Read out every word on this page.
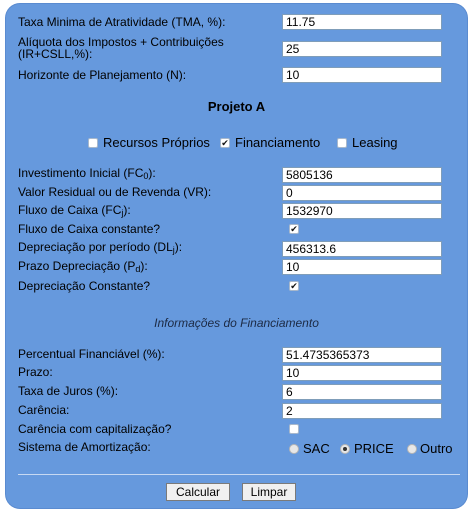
Taxa Minima de Atratividade (TMA, %):
11.75
Alíquota dos Impostos + Contribuições
(IR+CSLL,%):
25
Horizonte de Planejamento (N):
10
Projeto A
Recursos Próprios
✔ Financiamento Leasing
Investimento Inicial $(FC_0)$:
5805136
Valor Residual ou de Revenda (VR):
0
Fluxo de Caixa $(FC_j)$:
1532970
Fluxo de Caixa constante?
✔
Depreciação por período $(DL_j)$:
456313.6
Prazo Depreciação $(P_d)$:
10
Depreciação Constante?
✔
Informações do Financiamento
Percentual Financiável (%):
51.4735365373
Prazo:
10
Taxa de Juros (%):
6
Carência:
2
Carência com capitalização?
Sistema de Amortização:	SAC PRICE Outro
Calcular	Limpar
